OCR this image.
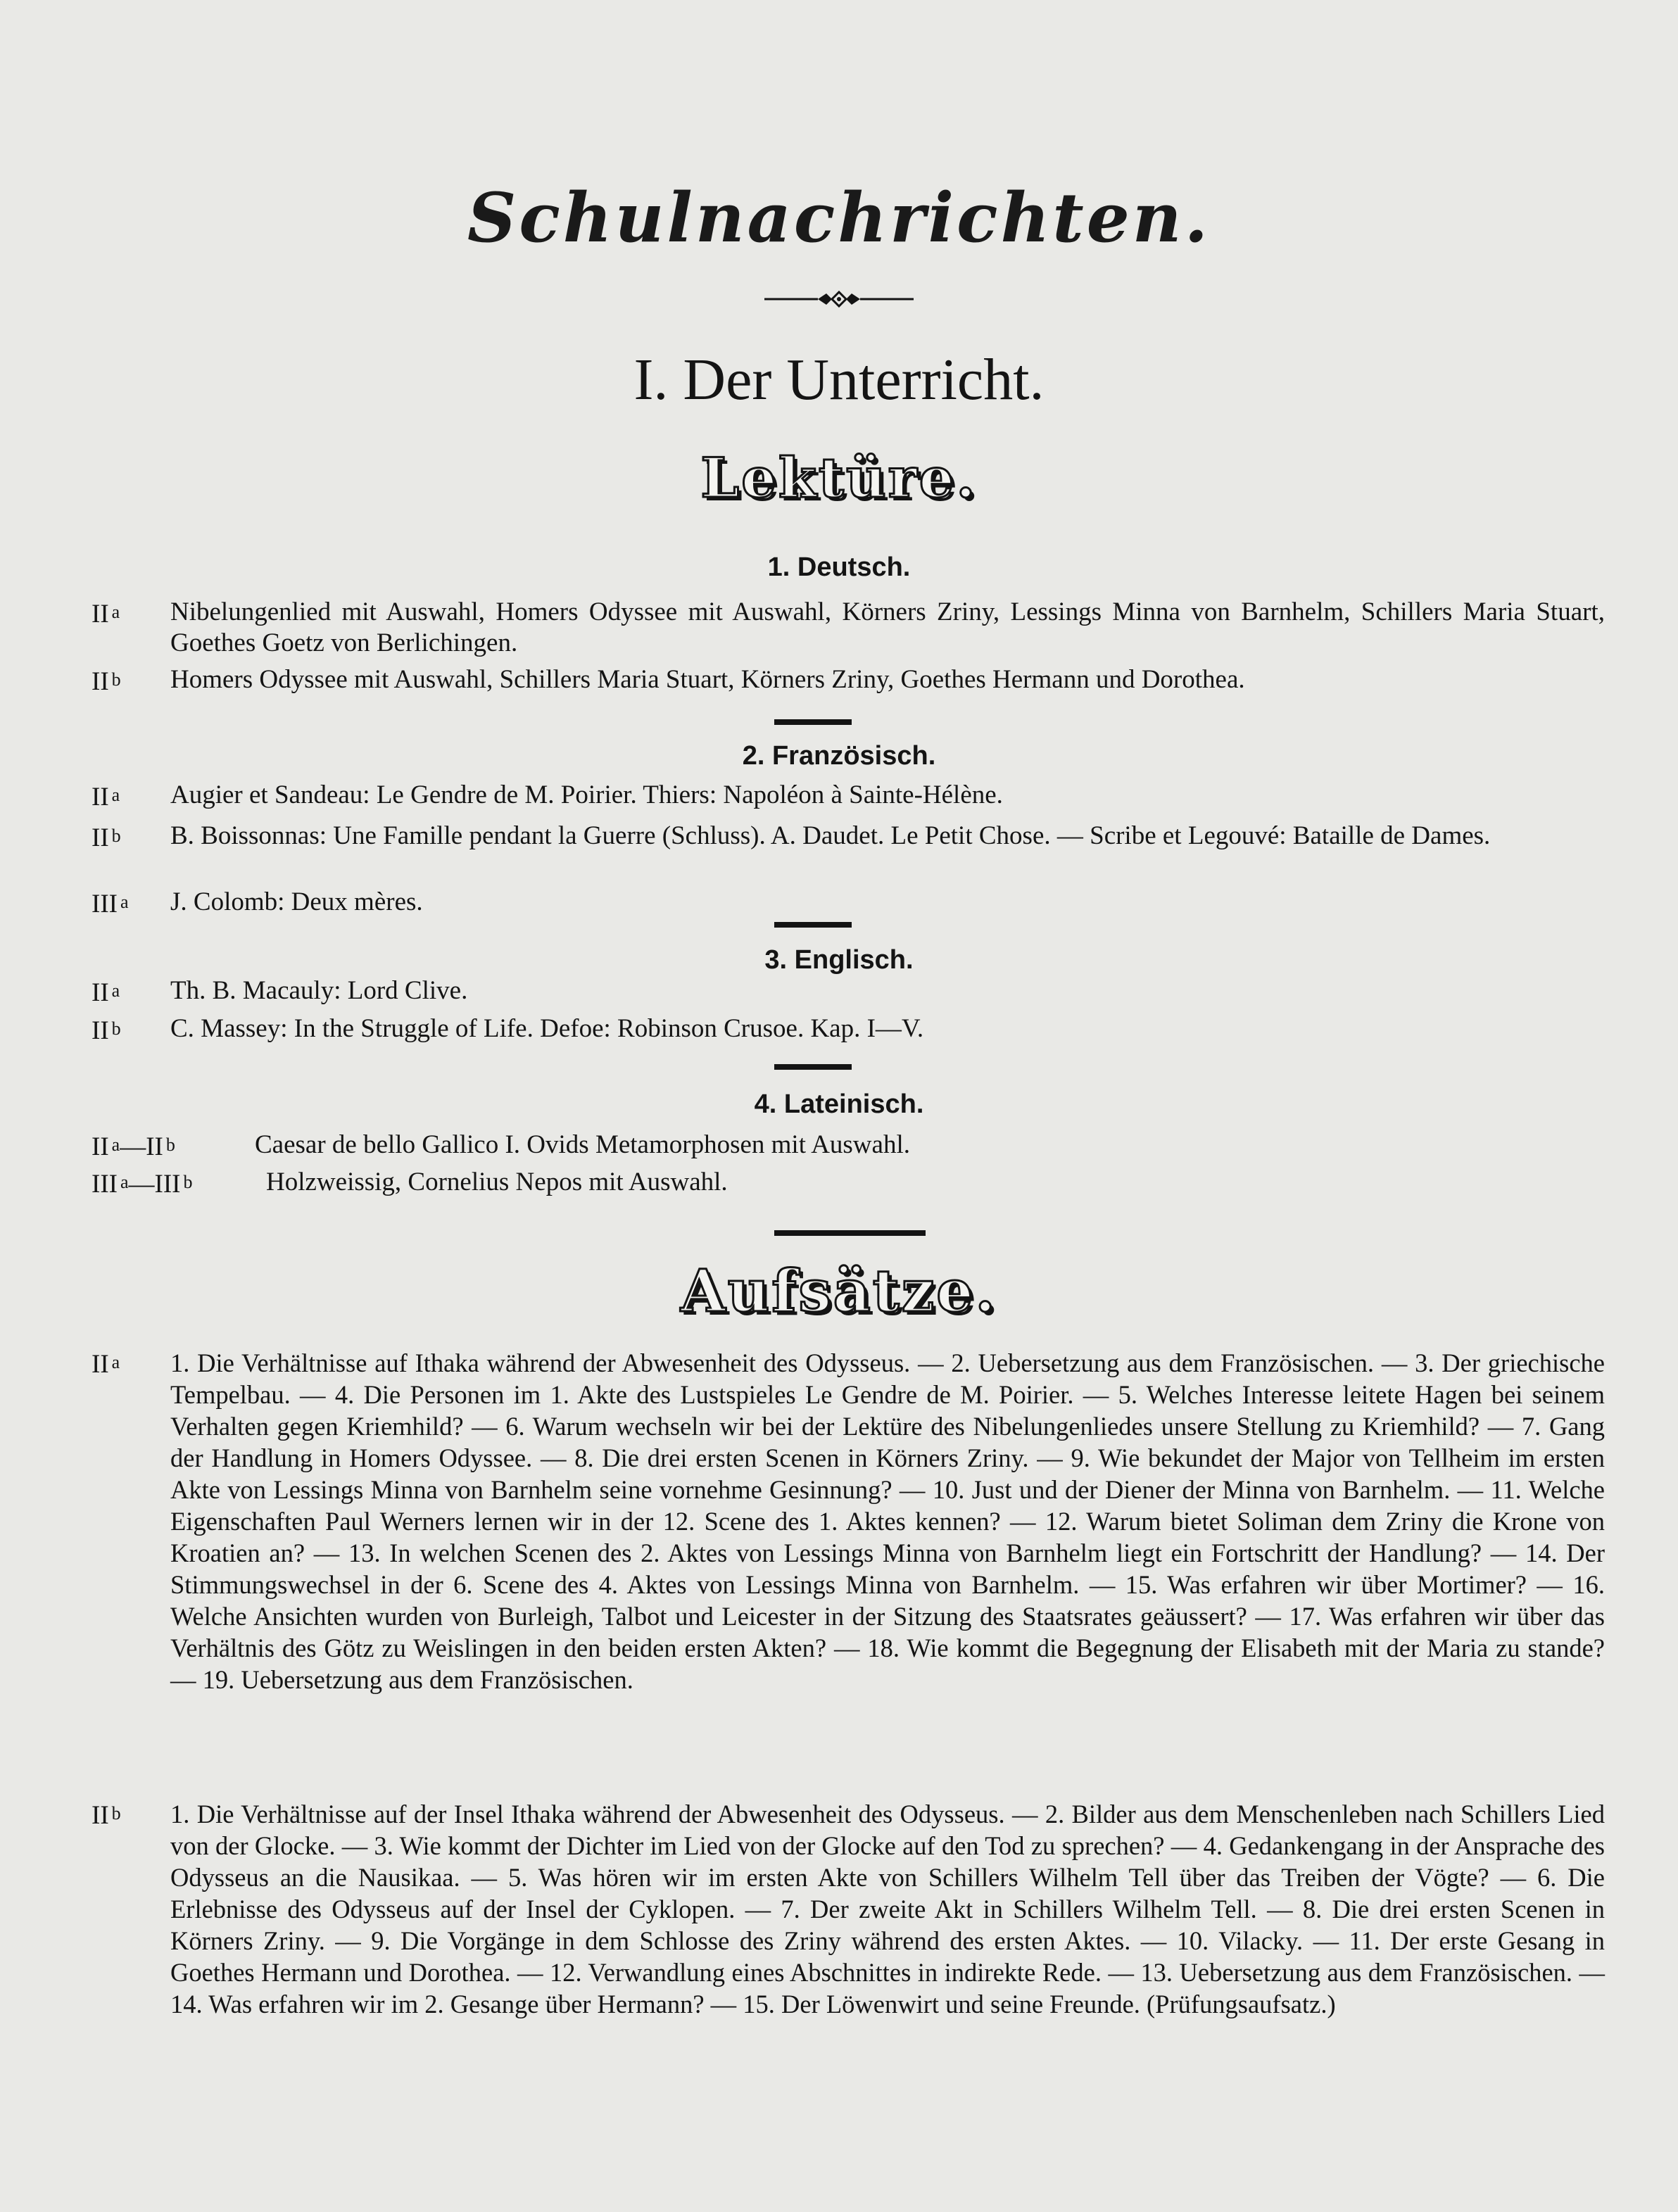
Schulnachrichten.
I. Der Unterricht.
Lektüre.
1. Deutsch.
II $^a$ Nibelungenlied mit Auswahl, Homers Odyssee mit Auswahl, Körners Zriny, Lessings Minna von Barnhelm, Schillers Maria Stuart, Goethes Goetz von Berlichingen.
II $^b$ Homers Odyssee mit Auswahl, Schillers Maria Stuart, Körners Zriny, Goethes Hermann und Dorothea.
2. Französisch.
II $^a$ Augier et Sandeau: Le Gendre de M. Poirier. Thiers: Napoléon à Sainte-Hélène.
II $^b$ B. Boissonnas: Une Famille pendant la Guerre (Schluss). A. Daudet. Le Petit Chose. — Scribe et Legouvé: Bataille de Dames.
III $^a$ J. Colomb: Deux mères.
3. Englisch.
II $^a$ Th. B. Macauly: Lord Clive.
II $^b$ C. Massey: In the Struggle of Life. Defoe: Robinson Crusoe. Kap. I—V.
4. Lateinisch.
II $^a$—II $^b$	Caesar de bello Gallico I. Ovids Metamorphosen mit Auswahl.
III $^a$—III $^b$	Holzweissig, Cornelius Nepos mit Auswahl.
Aufsätze.
II $^a$ 1. Die Verhältnisse auf Ithaka während der Abwesenheit des Odysseus. — 2. Uebersetzung aus dem Französischen. — 3. Der griechische Tempelbau. — 4. Die Personen im 1. Akte des Lustspieles Le Gendre de M. Poirier. — 5. Welches Interesse leitete Hagen bei seinem Verhalten gegen Kriemhild? — 6. Warum wechseln wir bei der Lektüre des Nibelungenliedes unsere Stellung zu Kriemhild? — 7. Gang der Handlung in Homers Odyssee. — 8. Die drei ersten Scenen in Körners Zriny. — 9. Wie bekundet der Major von Tellheim im ersten Akte von Lessings Minna von Barnhelm seine vornehme Gesinnung? — 10. Just und der Diener der Minna von Barnhelm. — 11. Welche Eigenschaften Paul Werners lernen wir in der 12. Scene des 1. Aktes kennen? — 12. Warum bietet Soliman dem Zriny die Krone von Kroatien an? — 13. In welchen Scenen des 2. Aktes von Lessings Minna von Barnhelm liegt ein Fortschritt der Handlung? — 14. Der Stimmungswechsel in der 6. Scene des 4. Aktes von Lessings Minna von Barnhelm. — 15. Was erfahren wir über Mortimer? — 16. Welche Ansichten wurden von Burleigh, Talbot und Leicester in der Sitzung des Staatsrates geäussert? — 17. Was erfahren wir über das Verhältnis des Götz zu Weislingen in den beiden ersten Akten? — 18. Wie kommt die Begegnung der Elisabeth mit der Maria zu stande? — 19. Uebersetzung aus dem Französischen.
II $^b$ 1. Die Verhältnisse auf der Insel Ithaka während der Abwesenheit des Odysseus. — 2. Bilder aus dem Menschenleben nach Schillers Lied von der Glocke. — 3. Wie kommt der Dichter im Lied von der Glocke auf den Tod zu sprechen? — 4. Gedankengang in der Ansprache des Odysseus an die Nausikaa. — 5. Was hören wir im ersten Akte von Schillers Wilhelm Tell über das Treiben der Vögte? — 6. Die Erlebnisse des Odysseus auf der Insel der Cyklopen. — 7. Der zweite Akt in Schillers Wilhelm Tell. — 8. Die drei ersten Scenen in Körners Zriny. — 9. Die Vorgänge in dem Schlosse des Zriny während des ersten Aktes. — 10. Vilacky. — 11. Der erste Gesang in Goethes Hermann und Dorothea. — 12. Verwandlung eines Abschnittes in indirekte Rede. — 13. Uebersetzung aus dem Französischen. — 14. Was erfahren wir im 2. Gesange über Hermann? — 15. Der Löwenwirt und seine Freunde. (Prüfungsaufsatz.)
